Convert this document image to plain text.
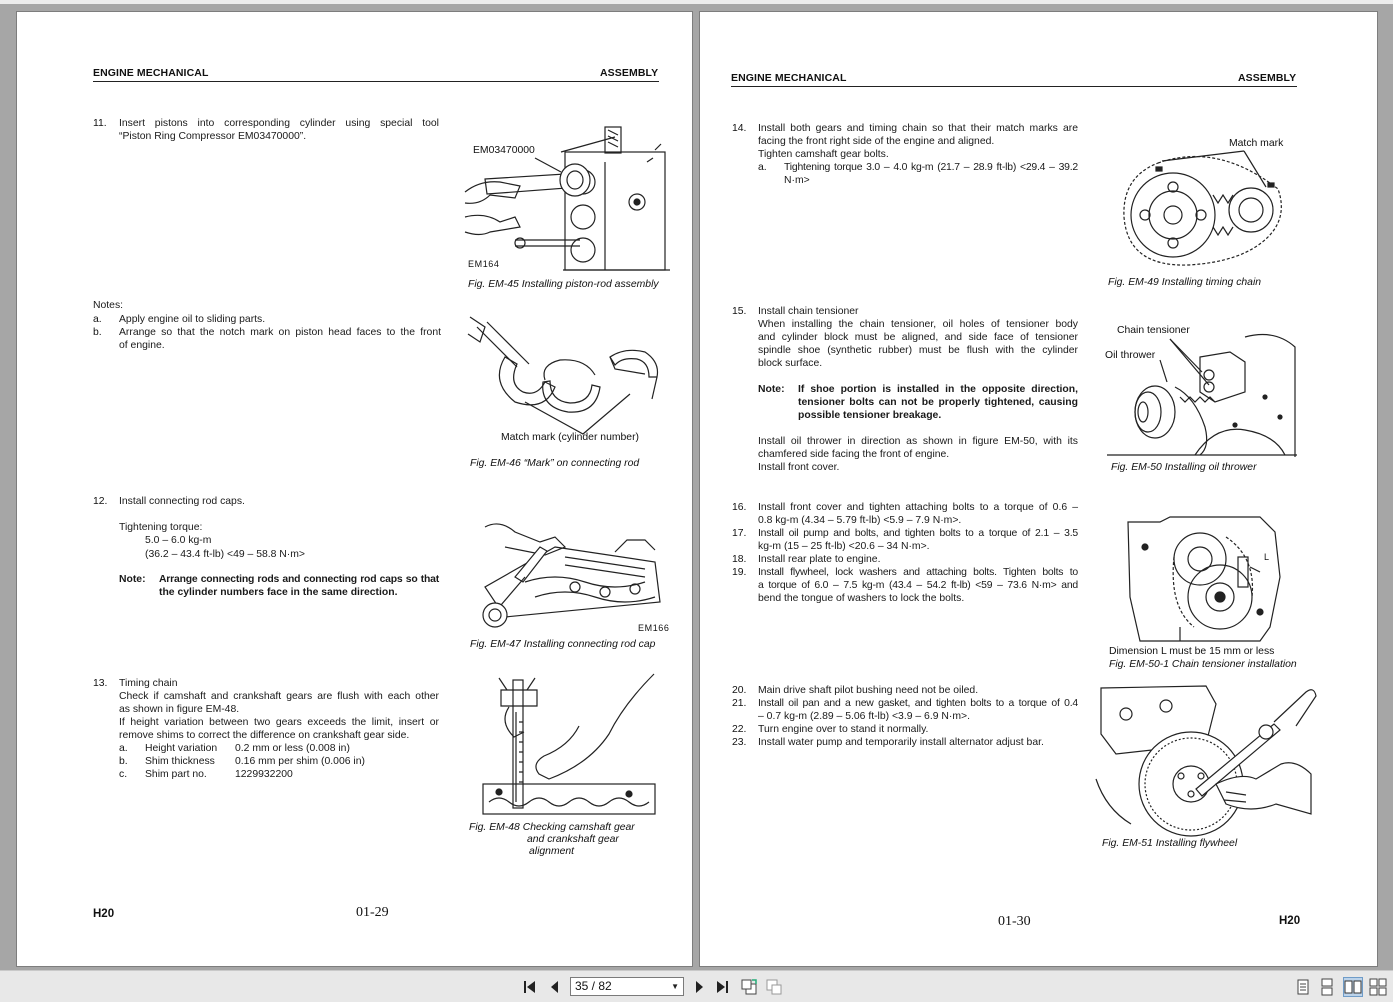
ENGINE MECHANICAL	ASSEMBLY
11. Insert pistons into corresponding cylinder using special tool
“Piston Ring Compressor EM03470000”.
EM03470000
EM164
Fig. EM-45 Installing piston-rod assembly
Notes:
a. Apply engine oil to sliding parts.
b. Arrange so that the notch mark on piston head faces to the front
of engine.
Match mark (cylinder number)
Fig. EM-46 “Mark” on connecting rod
12. Install connecting rod caps.
Tightening torque:
5.0 – 6.0 kg-m
(36.2 – 43.4 ft-lb) <49 – 58.8 N·m>
Note: Arrange connecting rods and connecting rod caps so that
the cylinder numbers face in the same direction.
EM166
Fig. EM-47 Installing connecting rod cap
13. Timing chain
Check if camshaft and crankshaft gears are flush with each other
as shown in figure EM-48.
If height variation between two gears exceeds the limit, insert or
remove shims to correct the difference on crankshaft gear side.
a. Height variation 0.2 mm or less (0.008 in)
b. Shim thickness 0.16 mm per shim (0.006 in)
c. Shim part no.	1229932200
Fig. EM-48 Checking camshaft gear
and crankshaft gear
alignment
H20	01-29
ENGINE MECHANICAL	ASSEMBLY
14. Install both gears and timing chain so that their match marks are
facing the front right side of the engine and aligned.
Tighten camshaft gear bolts.
a. Tightening torque 3.0 – 4.0 kg-m (21.7 – 28.9 ft-lb) <29.4 – 39.2
N·m>
Match mark
Fig. EM-49 Installing timing chain
15. Install chain tensioner
When installing the chain tensioner, oil holes of tensioner body
and cylinder block must be aligned, and side face of tensioner
spindle shoe (synthetic rubber) must be flush with the cylinder
block surface.
Note: If shoe portion is installed in the opposite direction,
tensioner bolts can not be properly tightened, causing
possible tensioner breakage.
Install oil thrower in direction as shown in figure EM-50, with its
chamfered side facing the front of engine.
Install front cover.
Chain tensioner
Oil thrower
Fig. EM-50 Installing oil thrower
16. Install front cover and tighten attaching bolts to a torque of 0.6 –
0.8 kg-m (4.34 – 5.79 ft-lb) <5.9 – 7.9 N·m>.
17. Install oil pump and bolts, and tighten bolts to a torque of 2.1 – 3.5
kg-m (15 – 25 ft-lb) <20.6 – 34 N·m>.
18. Install rear plate to engine.
19. Install flywheel, lock washers and attaching bolts. Tighten bolts to
a torque of 6.0 – 7.5 kg-m (43.4 – 54.2 ft-lb) <59 – 73.6 N·m> and
bend the tongue of washers to lock the bolts.
L
Dimension L must be 15 mm or less
Fig. EM-50-1 Chain tensioner installation
20. Main drive shaft pilot bushing need not be oiled.
21. Install oil pan and a new gasket, and tighten bolts to a torque of 0.4
– 0.7 kg-m (2.89 – 5.06 ft-lb) <3.9 – 6.9 N·m>.
22. Turn engine over to stand it normally.
23. Install water pump and temporarily install alternator adjust bar.
Fig. EM-51 Installing flywheel
01-30	H20
35 / 82	▼
